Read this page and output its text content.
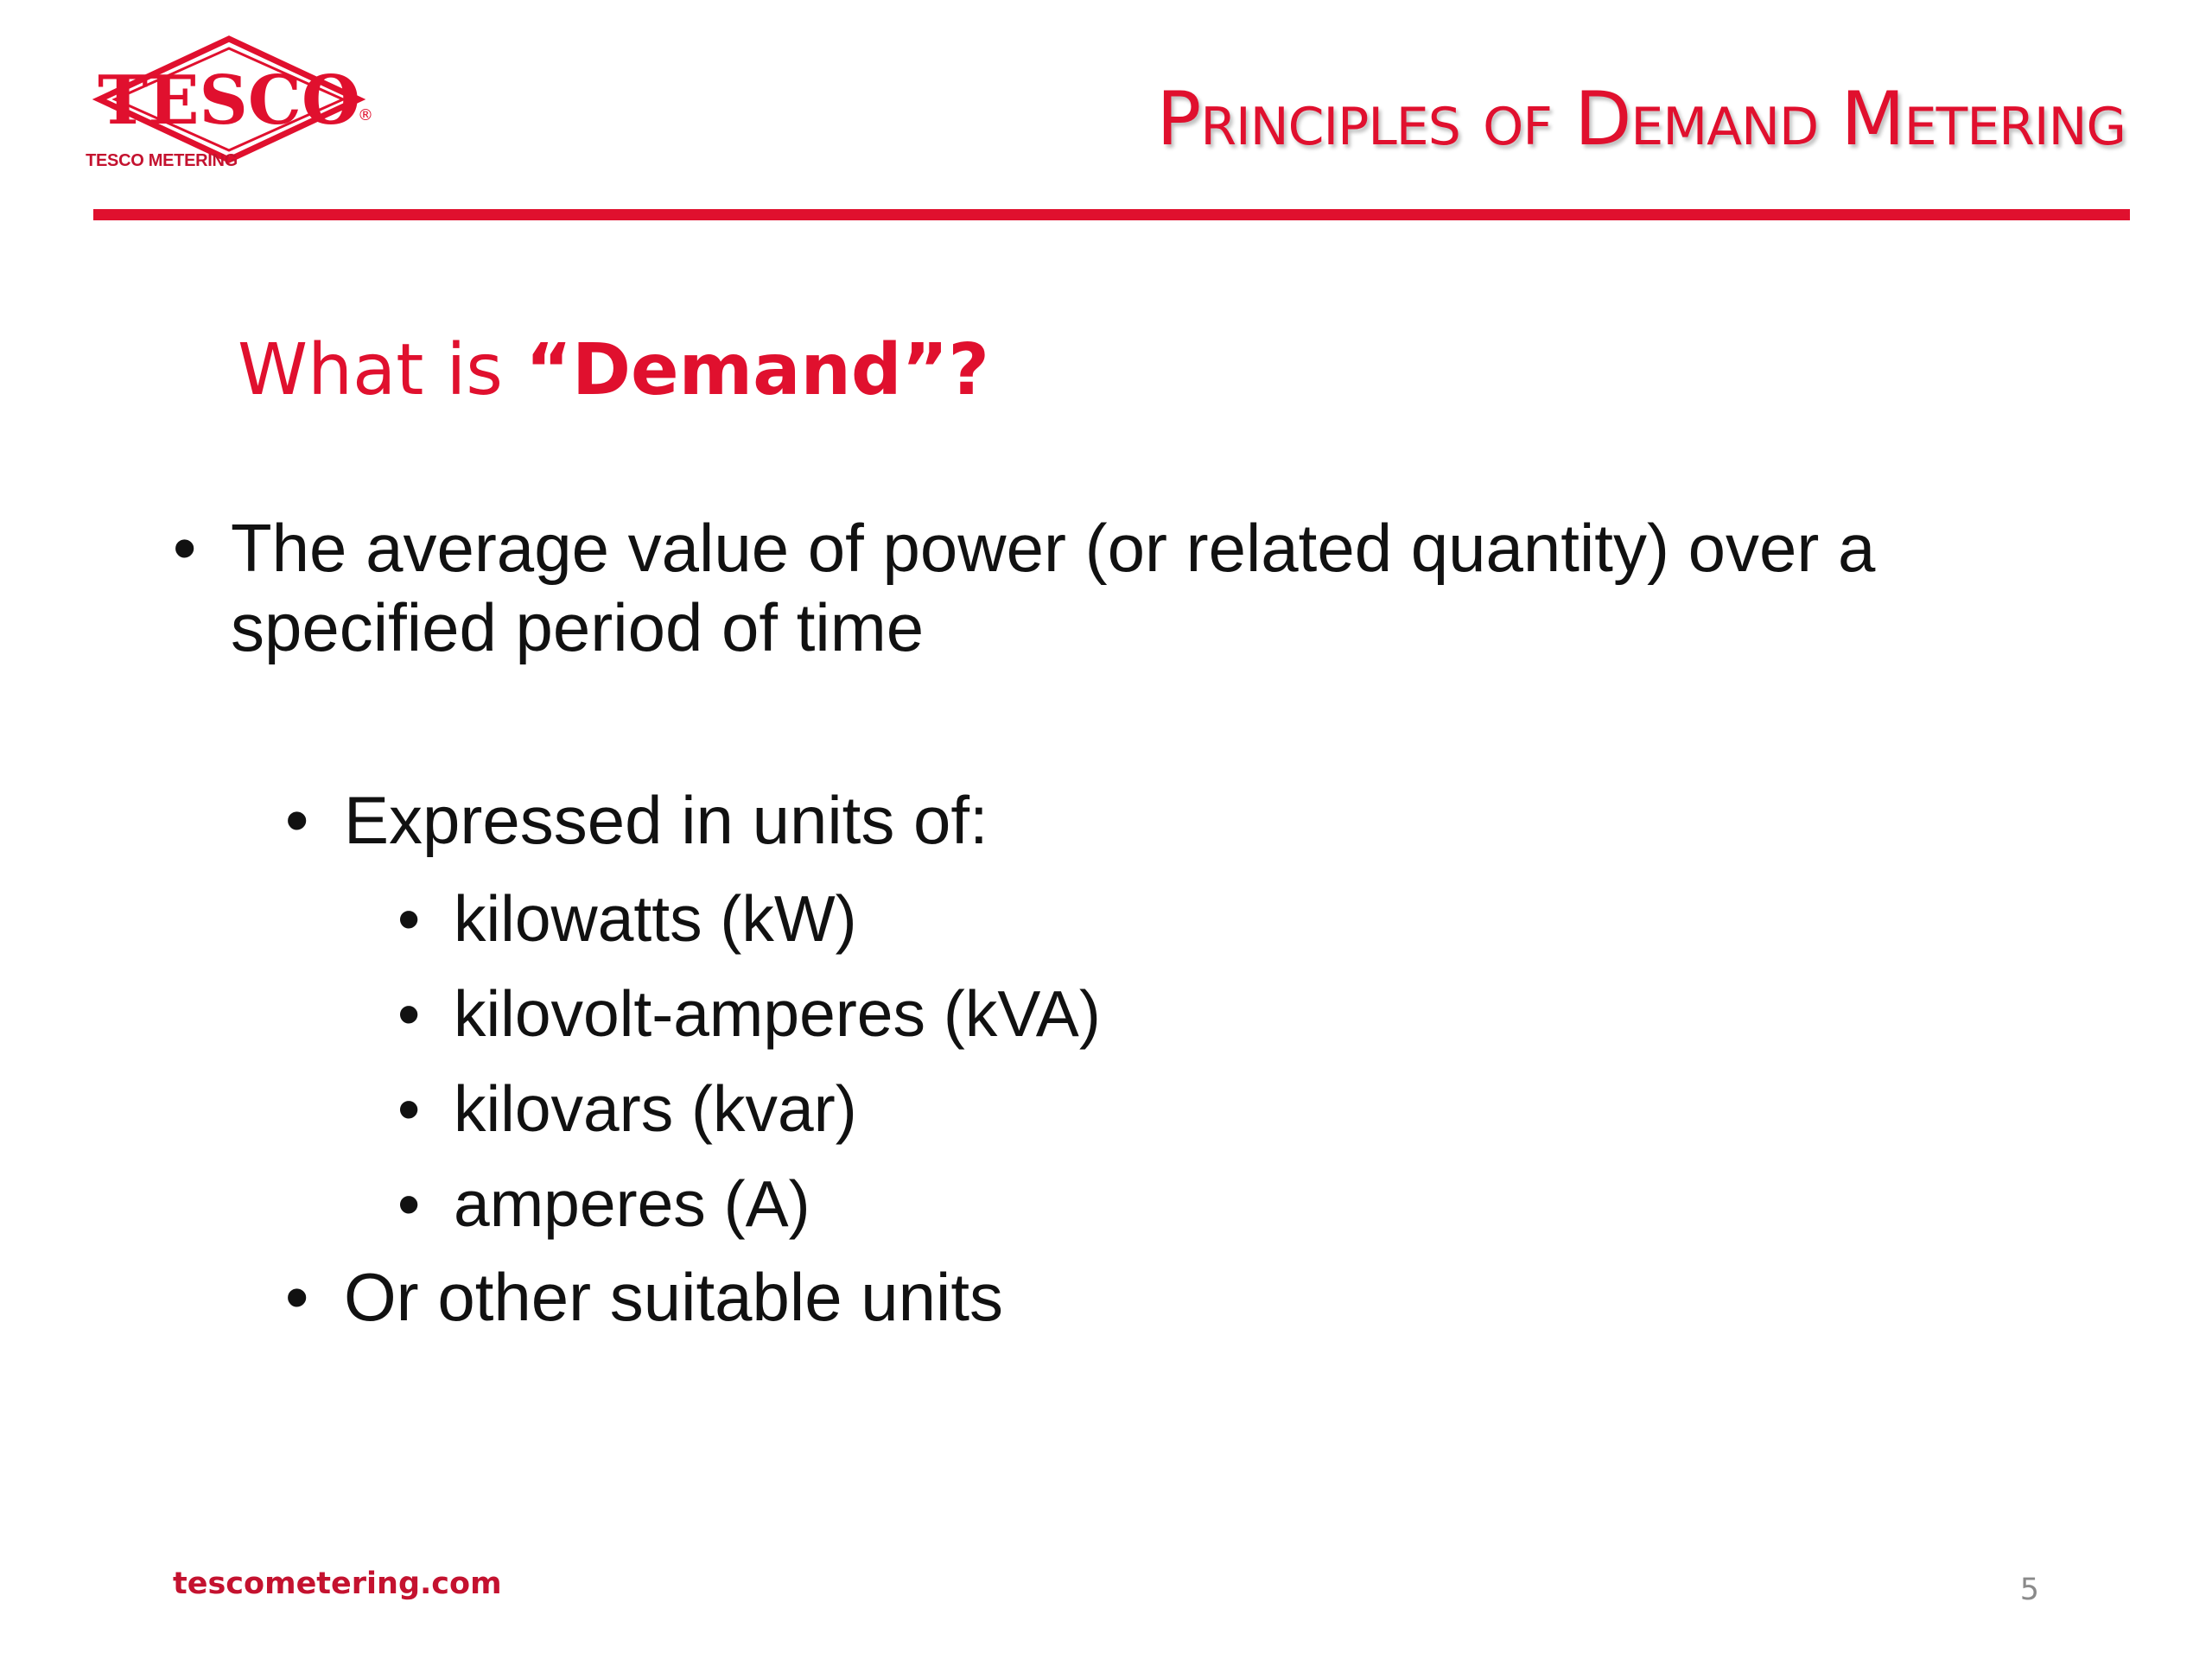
TESCO
®
TESCO METERING	Principles of Demand Metering
What is “Demand”?
• The average value of power (or related quantity) over a
specified period of time
• Expressed in units of:
• kilowatts (kW)
• kilovolt-amperes (kVA)
• kilovars (kvar)
• amperes (A)
• Or other suitable units
tescometering.com	5
